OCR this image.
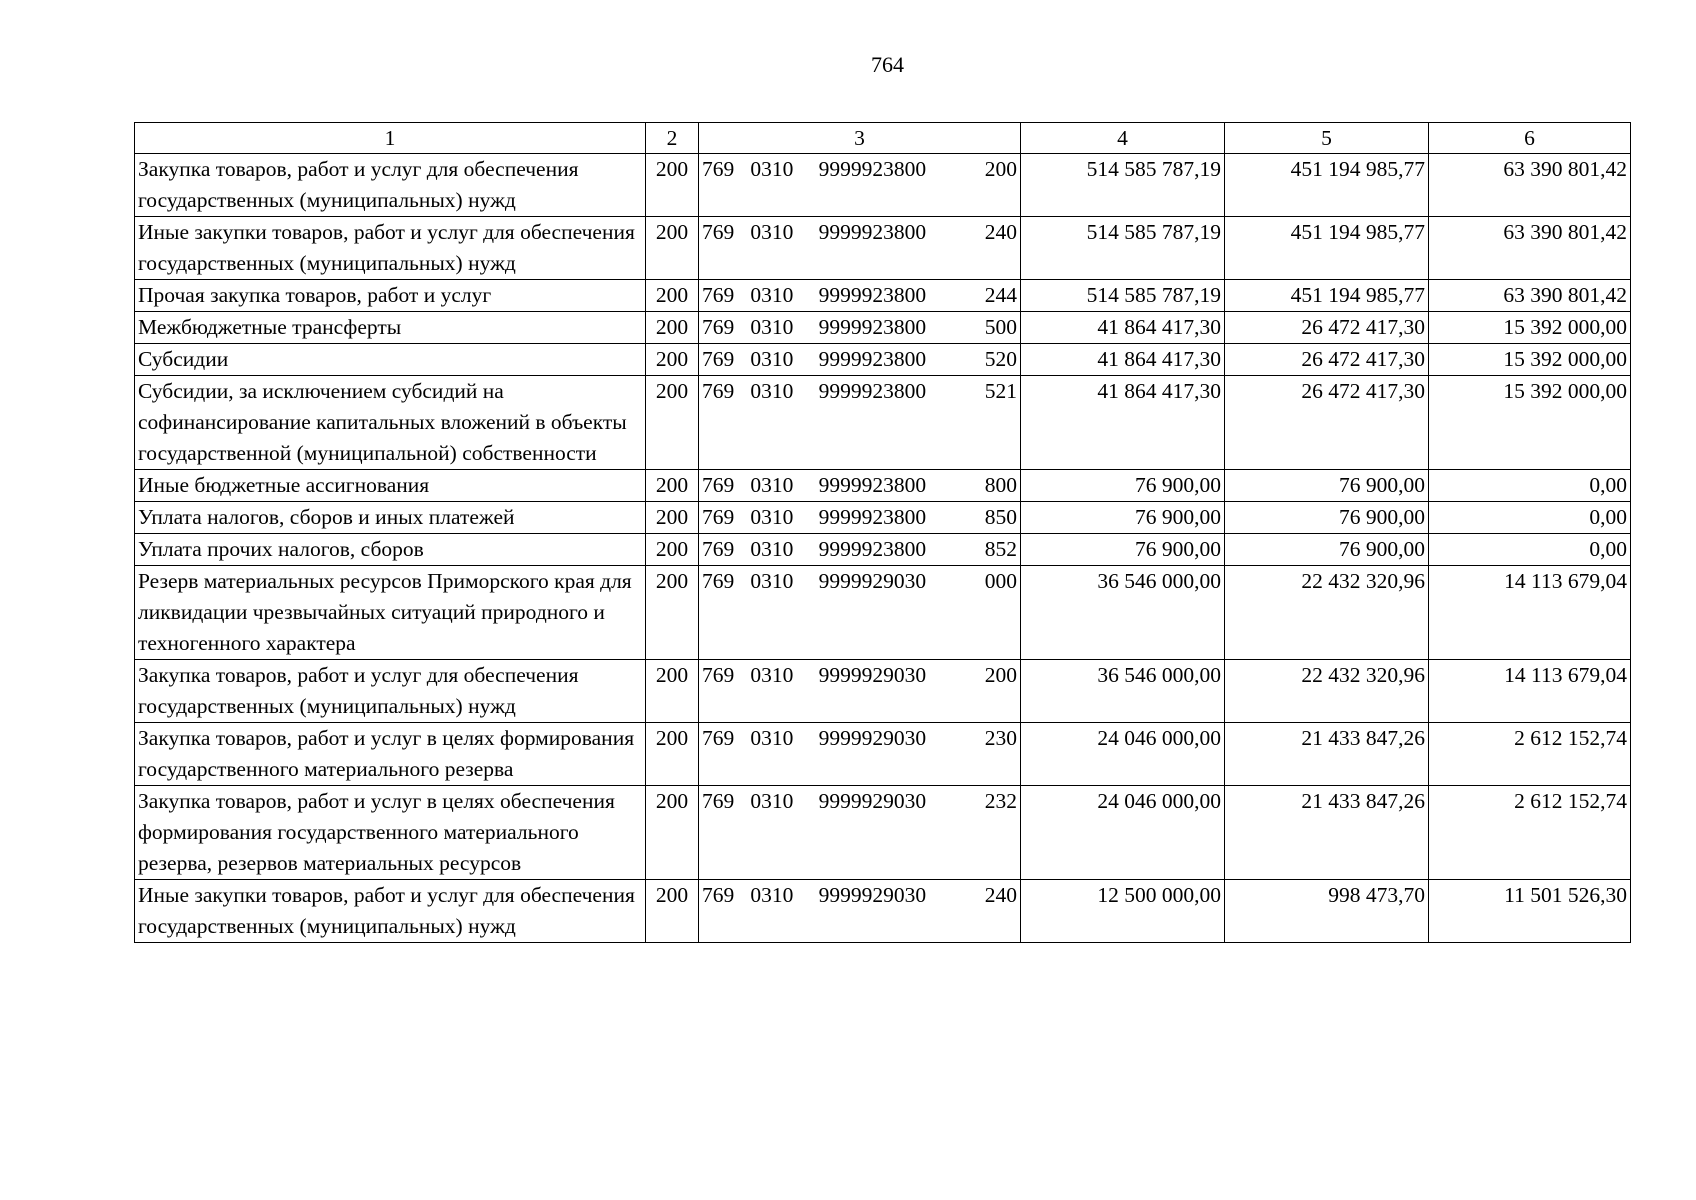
764
1	2	3	4	5	6
Закупка товаров, работ и услуг для обеспечения государственных (муниципальных) нужд	200	769 0310 9999923800 200	514 585 787,19	451 194 985,77	63 390 801,42
Иные закупки товаров, работ и услуг для обеспечения государственных (муниципальных) нужд	200	769 0310 9999923800 240	514 585 787,19	451 194 985,77	63 390 801,42
Прочая закупка товаров, работ и услуг	200	769 0310 9999923800 244	514 585 787,19	451 194 985,77	63 390 801,42
Межбюджетные трансферты	200	769 0310 9999923800 500	41 864 417,30	26 472 417,30	15 392 000,00
Субсидии	200	769 0310 9999923800 520	41 864 417,30	26 472 417,30	15 392 000,00
Субсидии, за исключением субсидий на софинансирование капитальных вложений в объекты государственной (муниципальной) собственности	200	769 0310 9999923800 521	41 864 417,30	26 472 417,30	15 392 000,00
Иные бюджетные ассигнования	200	769 0310 9999923800 800	76 900,00	76 900,00	0,00
Уплата налогов, сборов и иных платежей	200	769 0310 9999923800 850	76 900,00	76 900,00	0,00
Уплата прочих налогов, сборов	200	769 0310 9999923800 852	76 900,00	76 900,00	0,00
Резерв материальных ресурсов Приморского края для ликвидации чрезвычайных ситуаций природного и техногенного характера	200	769 0310 9999929030 000	36 546 000,00	22 432 320,96	14 113 679,04
Закупка товаров, работ и услуг для обеспечения государственных (муниципальных) нужд	200	769 0310 9999929030 200	36 546 000,00	22 432 320,96	14 113 679,04
Закупка товаров, работ и услуг в целях формирования государственного материального резерва	200	769 0310 9999929030 230	24 046 000,00	21 433 847,26	2 612 152,74
Закупка товаров, работ и услуг в целях обеспечения формирования государственного материального резерва, резервов материальных ресурсов	200	769 0310 9999929030 232	24 046 000,00	21 433 847,26	2 612 152,74
Иные закупки товаров, работ и услуг для обеспечения государственных (муниципальных) нужд	200	769 0310 9999929030 240	12 500 000,00	998 473,70	11 501 526,30
